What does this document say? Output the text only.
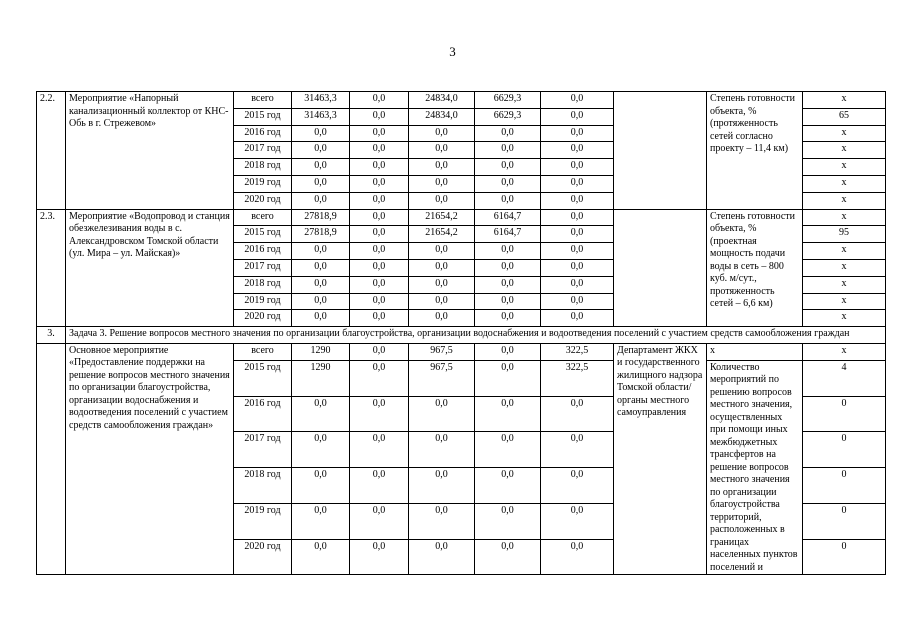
3
2.2.	Мероприятие «Напорный канализационный коллектор от КНС-Обь в г. Стрежевом»	всего	31463,3	0,0	24834,0	6629,3	0,0		Степень готовности объекта, % (протяженность сетей согласно проекту – 11,4 км)	х
		2015 год	31463,3	0,0	24834,0	6629,3	0,0			65
		2016 год	0,0	0,0	0,0	0,0	0,0			х
		2017 год	0,0	0,0	0,0	0,0	0,0			х
		2018 год	0,0	0,0	0,0	0,0	0,0			х
		2019 год	0,0	0,0	0,0	0,0	0,0			х
		2020 год	0,0	0,0	0,0	0,0	0,0			х
2.3.	Мероприятие «Водопровод и станция обезжелезивания воды в с. Александровском Томской области (ул. Мира – ул. Майская)»	всего	27818,9	0,0	21654,2	6164,7	0,0		Степень готовности объекта, % (проектная мощность подачи воды в сеть – 800 куб. м/сут., протяженность сетей – 6,6 км)	х
		2015 год	27818,9	0,0	21654,2	6164,7	0,0			95
		2016 год	0,0	0,0	0,0	0,0	0,0			х
		2017 год	0,0	0,0	0,0	0,0	0,0			х
		2018 год	0,0	0,0	0,0	0,0	0,0			х
		2019 год	0,0	0,0	0,0	0,0	0,0			х
		2020 год	0,0	0,0	0,0	0,0	0,0			х
3.	Задача 3. Решение вопросов местного значения по организации благоустройства, организации водоснабжения и водоотведения поселений с участием средств самообложения граждан									
	Основное мероприятие «Предоставление поддержки на решение вопросов местного значения по организации благоустройства, организации водоснабжения и водоотведения поселений с участием средств самообложения граждан»	всего	1290	0,0	967,5	0,0	322,5	Департамент ЖКХ и государственного жилищного надзора Томской области/органы местного самоуправления	х	х
		2015 год	1290	0,0	967,5	0,0	322,5		Количество мероприятий по решению вопросов местного значения, осуществленных при помощи иных межбюджетных трансфертов на решение вопросов местного значения по организации благоустройства территорий, расположенных в границах населенных пунктов поселений и	4
		2016 год	0,0	0,0	0,0	0,0	0,0			0
		2017 год	0,0	0,0	0,0	0,0	0,0			0
		2018 год	0,0	0,0	0,0	0,0	0,0			0
		2019 год	0,0	0,0	0,0	0,0	0,0			0
		2020 год	0,0	0,0	0,0	0,0	0,0			0
